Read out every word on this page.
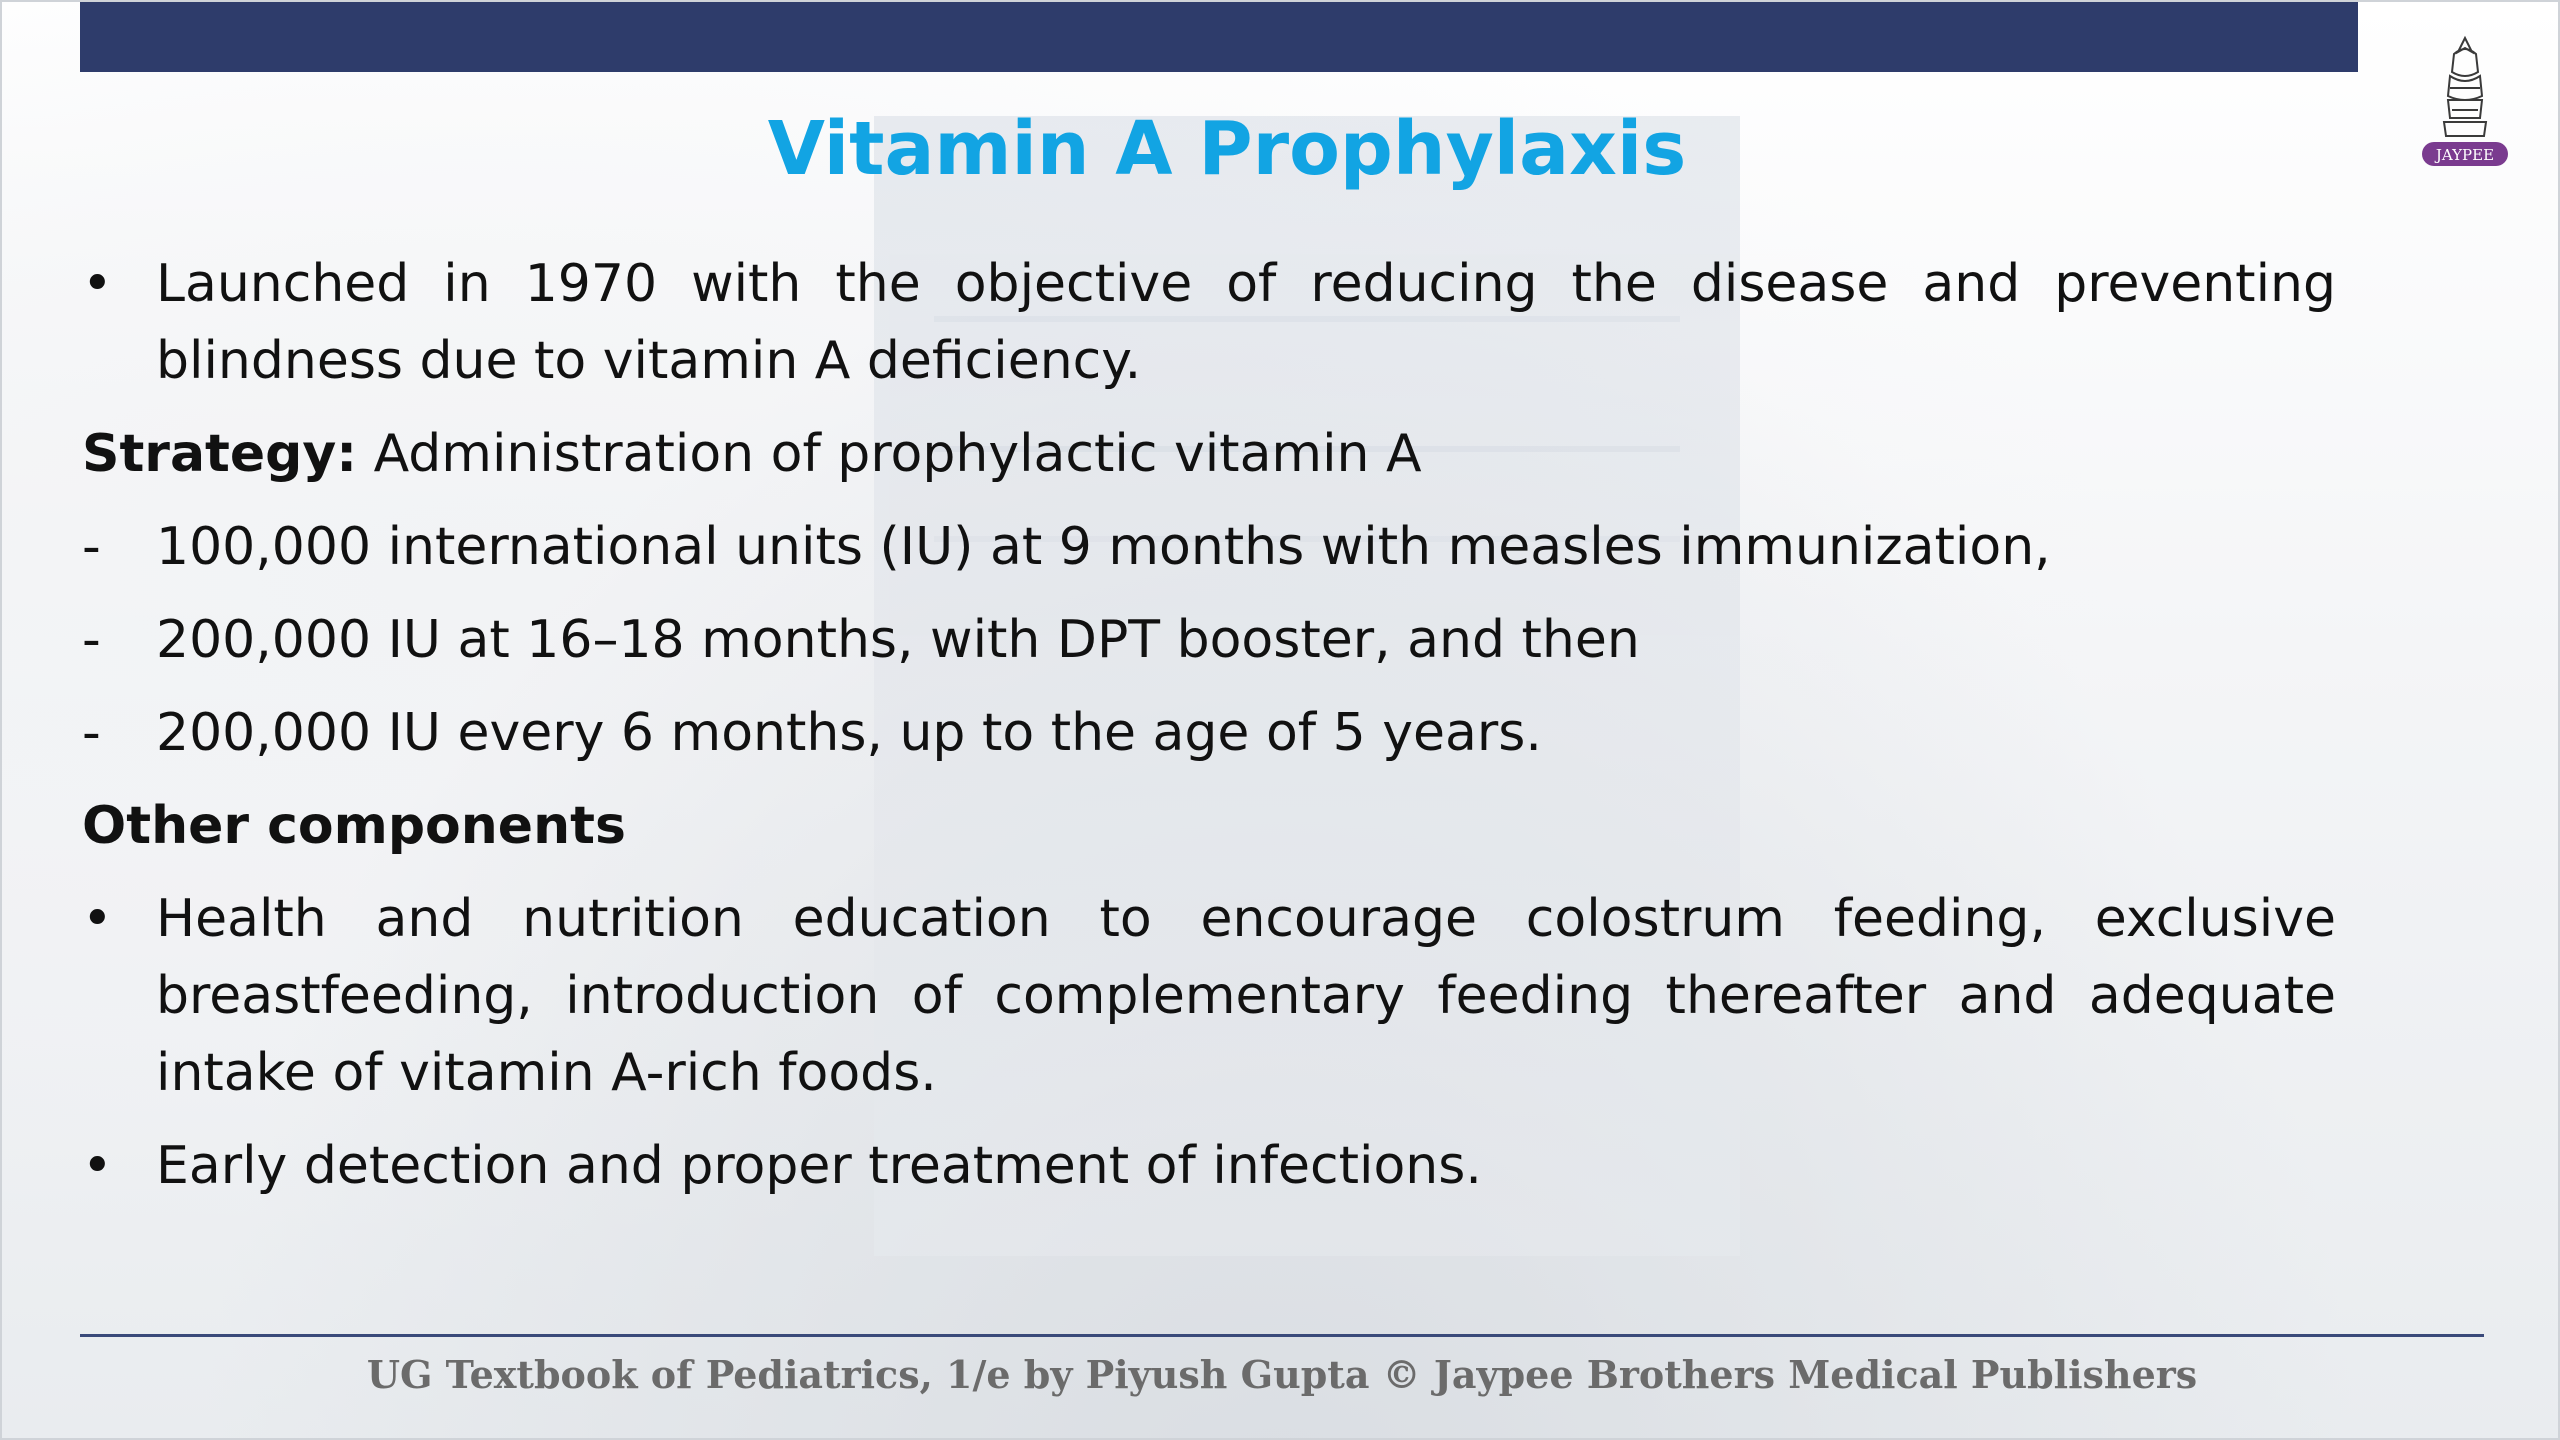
JAYPEE
Vitamin A Prophylaxis
• Launched in 1970 with the objective of reducing the disease and preventing blindness due to vitamin A deficiency.
Strategy: Administration of prophylactic vitamin A
-	100,000 international units (IU) at 9 months with measles immunization,
-	200,000 IU at 16–18 months, with DPT booster, and then
-	200,000 IU every 6 months, up to the age of 5 years.
Other components
• Health and nutrition education to encourage colostrum feeding, exclusive breastfeeding, introduction of complementary feeding thereafter and adequate intake of vitamin A-rich foods.
• Early detection and proper treatment of infections.
UG Textbook of Pediatrics, 1/e by Piyush Gupta © Jaypee Brothers Medical Publishers
